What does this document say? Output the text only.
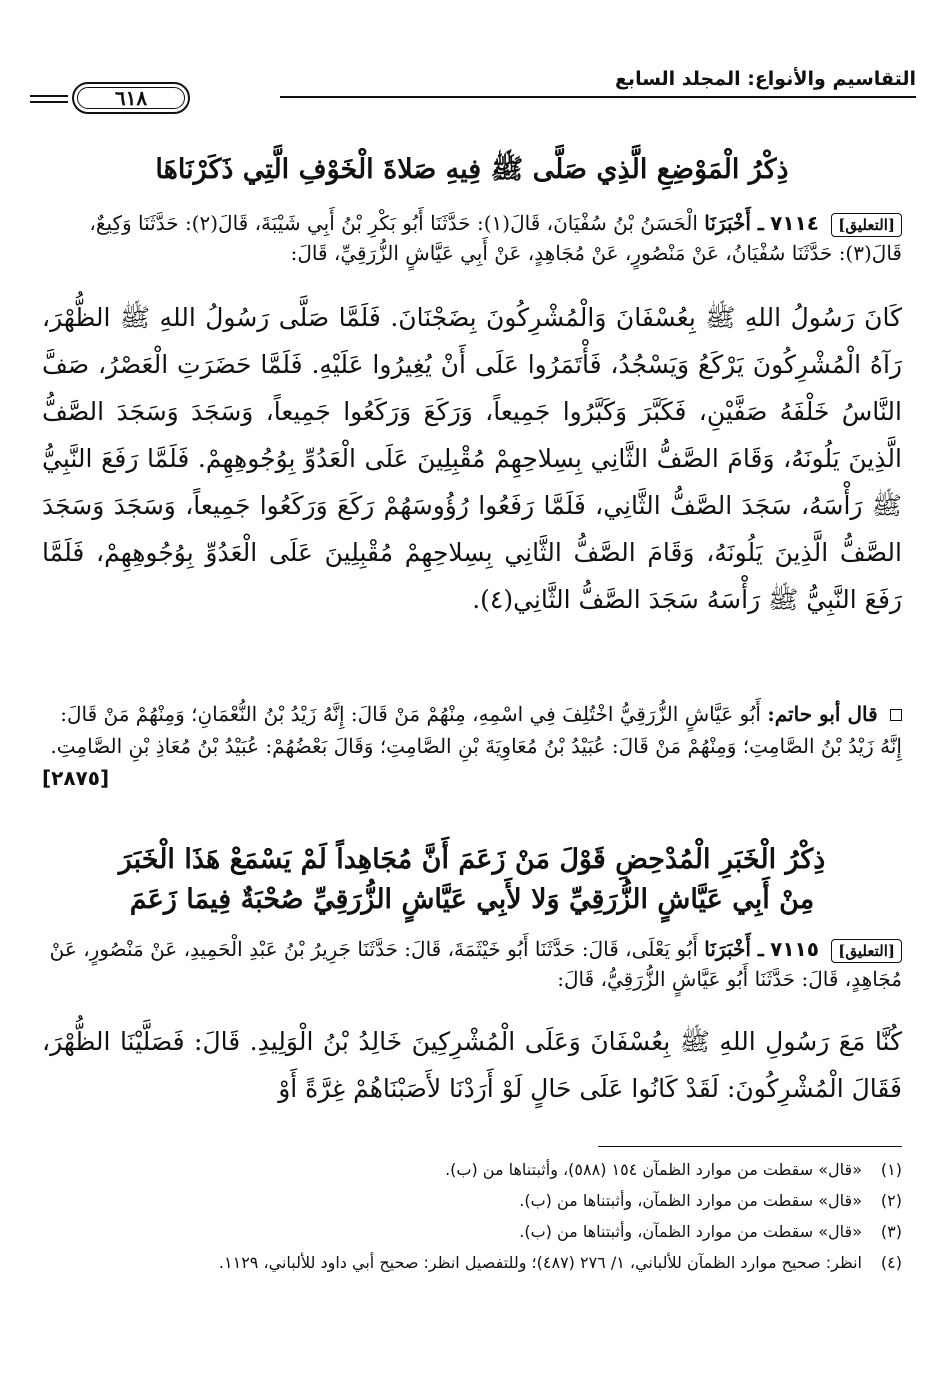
التقاسيم والأنواع: المجلد السابع
٦١٨
ذِكْرُ الْمَوْضِعِ الَّذِي صَلَّى ﷺ فِيهِ صَلاةَ الْخَوْفِ الَّتِي ذَكَرْنَاهَا
[التعليق] ٧١١٤ ـ أَخْبَرَنَا الْحَسَنُ بْنُ سُفْيَانَ، قَالَ(١): حَدَّثَنَا أَبُو بَكْرِ بْنُ أَبِي شَيْبَةَ، قَالَ(٢): حَدَّثَنَا وَكِيعٌ، قَالَ(٣): حَدَّثَنَا سُفْيَانُ، عَنْ مَنْصُورٍ، عَنْ مُجَاهِدٍ، عَنْ أَبِي عَيَّاشٍ الزُّرَقِيِّ، قَالَ:
كَانَ رَسُولُ اللهِ ﷺ بِعُسْفَانَ وَالْمُشْرِكُونَ بِضَجْنَانَ. فَلَمَّا صَلَّى رَسُولُ اللهِ ﷺ الظُّهْرَ، رَآهُ الْمُشْرِكُونَ يَرْكَعُ وَيَسْجُدُ، فَأْتَمَرُوا عَلَى أَنْ يُغِيرُوا عَلَيْهِ. فَلَمَّا حَضَرَتِ الْعَصْرُ، صَفَّ النَّاسُ خَلْفَهُ صَفَّيْنِ، فَكَبَّرَ وَكَبَّرُوا جَمِيعاً، وَرَكَعَ وَرَكَعُوا جَمِيعاً، وَسَجَدَ وَسَجَدَ الصَّفُّ الَّذِينَ يَلُونَهُ، وَقَامَ الصَّفُّ الثَّانِي بِسِلاحِهِمْ مُقْبِلِينَ عَلَى الْعَدُوِّ بِوُجُوهِهِمْ. فَلَمَّا رَفَعَ النَّبِيُّ ﷺ رَأْسَهُ، سَجَدَ الصَّفُّ الثَّانِي، فَلَمَّا رَفَعُوا رُؤُوسَهُمْ رَكَعَ وَرَكَعُوا جَمِيعاً، وَسَجَدَ وَسَجَدَ الصَّفُّ الَّذِينَ يَلُونَهُ، وَقَامَ الصَّفُّ الثَّانِي بِسِلاحِهِمْ مُقْبِلِينَ عَلَى الْعَدُوِّ بِوُجُوهِهِمْ، فَلَمَّا رَفَعَ النَّبِيُّ ﷺ رَأْسَهُ سَجَدَ الصَّفُّ الثَّانِي(٤).
قال أبو حاتم: أَبُو عَيَّاشٍ الزُّرَقِيُّ اخْتُلِفَ فِي اسْمِهِ، مِنْهُمْ مَنْ قَالَ: إِنَّهُ زَيْدُ بْنُ النُّعْمَانِ؛ وَمِنْهُمْ مَنْ قَالَ: إِنَّهُ زَيْدُ بْنُ الصَّامِتِ؛ وَمِنْهُمْ مَنْ قَالَ: عُبَيْدُ بْنُ مُعَاوِيَةَ بْنِ الصَّامِتِ؛ وَقَالَ بَعْضُهُمْ: عُبَيْدُ بْنُ مُعَاذِ بْنِ الصَّامِتِ.
[٢٨٧٥]
ذِكْرُ الْخَبَرِ الْمُدْحِضِ قَوْلَ مَنْ زَعَمَ أَنَّ مُجَاهِداً لَمْ يَسْمَعْ هَذَا الْخَبَرَ
مِنْ أَبِي عَيَّاشٍ الزُّرَقِيِّ وَلا لأَبِي عَيَّاشٍ الزُّرَقِيِّ صُحْبَةٌ فِيمَا زَعَمَ
[التعليق] ٧١١٥ ـ أَخْبَرَنَا أَبُو يَعْلَى، قَالَ: حَدَّثَنَا أَبُو خَيْثَمَةَ، قَالَ: حَدَّثَنَا جَرِيرُ بْنُ عَبْدِ الْحَمِيدِ، عَنْ مَنْصُورٍ، عَنْ مُجَاهِدٍ، قَالَ: حَدَّثَنَا أَبُو عَيَّاشٍ الزُّرَقِيُّ، قَالَ:
كُنَّا مَعَ رَسُولِ اللهِ ﷺ بِعُسْفَانَ وَعَلَى الْمُشْرِكِينَ خَالِدُ بْنُ الْوَلِيدِ. قَالَ: فَصَلَّيْنَا الظُّهْرَ، فَقَالَ الْمُشْرِكُونَ: لَقَدْ كَانُوا عَلَى حَالٍ لَوْ أَرَدْنَا لأَصَبْنَاهُمْ غِرَّةً أَوْ

(١)«قال» سقطت من موارد الظمآن ١٥٤ (٥٨٨)، وأثبتناها من (ب).

(٢)«قال» سقطت من موارد الظمآن، وأثبتناها من (ب).

(٣)«قال» سقطت من موارد الظمآن، وأثبتناها من (ب).

(٤)انظر: صحيح موارد الظمآن للألباني، ١/ ٢٧٦ (٤٨٧)؛ وللتفصيل انظر: صحيح أبي داود للألباني، ١١٢٩.
